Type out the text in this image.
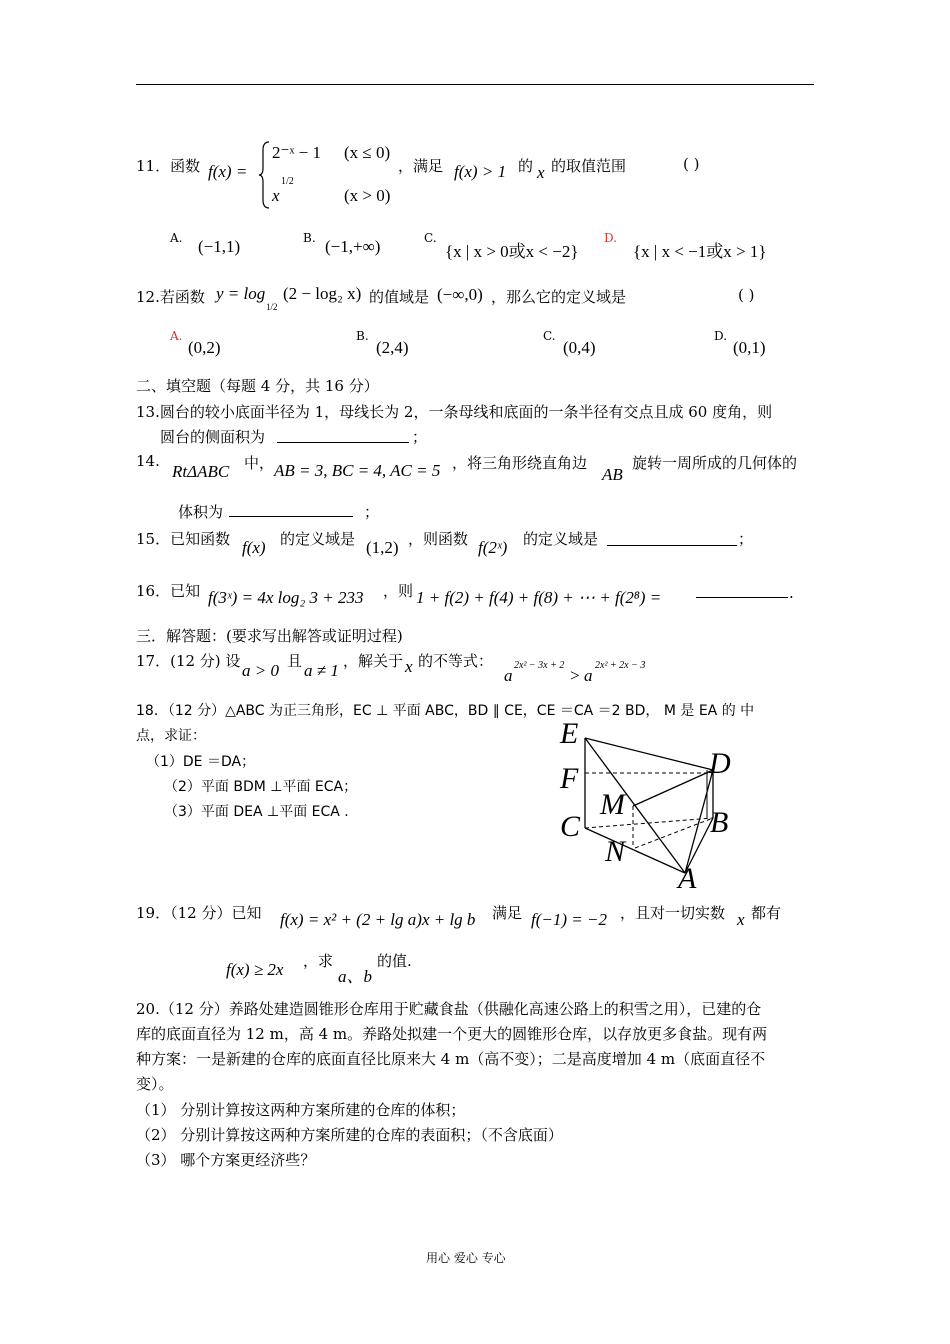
11．函数 f(x) =
2⁻ˣ − 1 (x ≤ 0)
x
1/2
(x > 0)
，满足 f(x) > 1 的 x 的取值范围	( )
A. (−1,1)	B. (−1,+∞)	C.
{x | x > 0或x < −2}
D.
{x | x < −1或x > 1}
12.若函数 y = log
1/2
(2 − log₂ x) 的值域是 (−∞,0) ，那么它的定义域是	( )
A.
(0,2)
B.
(2,4)
C.
(0,4)
D.
(0,1)
二、填空题（每题 4 分，共 16 分）
13.圆台的较小底面半径为 1，母线长为 2，一条母线和底面的一条半径有交点且成 60 度角，则
圆台的侧面积为	；
14.
RtΔABC 中， AB = 3, BC = 4, AC = 5 ，将三角形绕直角边
AB
旋转一周所成的几何体的
体积为	；
15．已知函数 f(x) 的定义域是 (1,2) ，则函数 f(2ˣ) 的定义域是	；
16．已知 f(3ˣ) = 4x log₂ 3 + 233 ，则 1 + f(2) + f(4) + f(8) + ⋯ + f(2⁸) =	.
三．解答题：(要求写出解答或证明过程)
17．(12 分) 设 a > 0 且 a ≠ 1 ，解关于 x 的不等式：
a
2x² − 3x + 2
> a
2x² + 2x − 3
18．（12 分）△ABC 为正三角形，EC ⊥ 平面 ABC，BD ∥ CE，CE ＝CA ＝2 BD， M 是 EA 的 中
点，求证：
（1）DE ＝DA；
（2）平面 BDM ⊥平面 ECA；
（3）平面 DEA ⊥平面 ECA .
E
F	D
M
C	B
N
A
19．（12 分）已知 f(x) = x² + (2 + lg a)x + lg b 满足 f(−1) = −2 ，且对一切实数 x 都有
f(x) ≥ 2x ，求
a、b
的值.
20.（12 分）养路处建造圆锥形仓库用于贮藏食盐（供融化高速公路上的积雪之用），已建的仓
库的底面直径为 12 m，高 4 m。养路处拟建一个更大的圆锥形仓库，以存放更多食盐。现有两
种方案：一是新建的仓库的底面直径比原来大 4 m（高不变）；二是高度增加 4 m（底面直径不
变）。
（1） 分别计算按这两种方案所建的仓库的体积；
（2） 分别计算按这两种方案所建的仓库的表面积；（不含底面）
（3） 哪个方案更经济些？
用心 爱心 专心
